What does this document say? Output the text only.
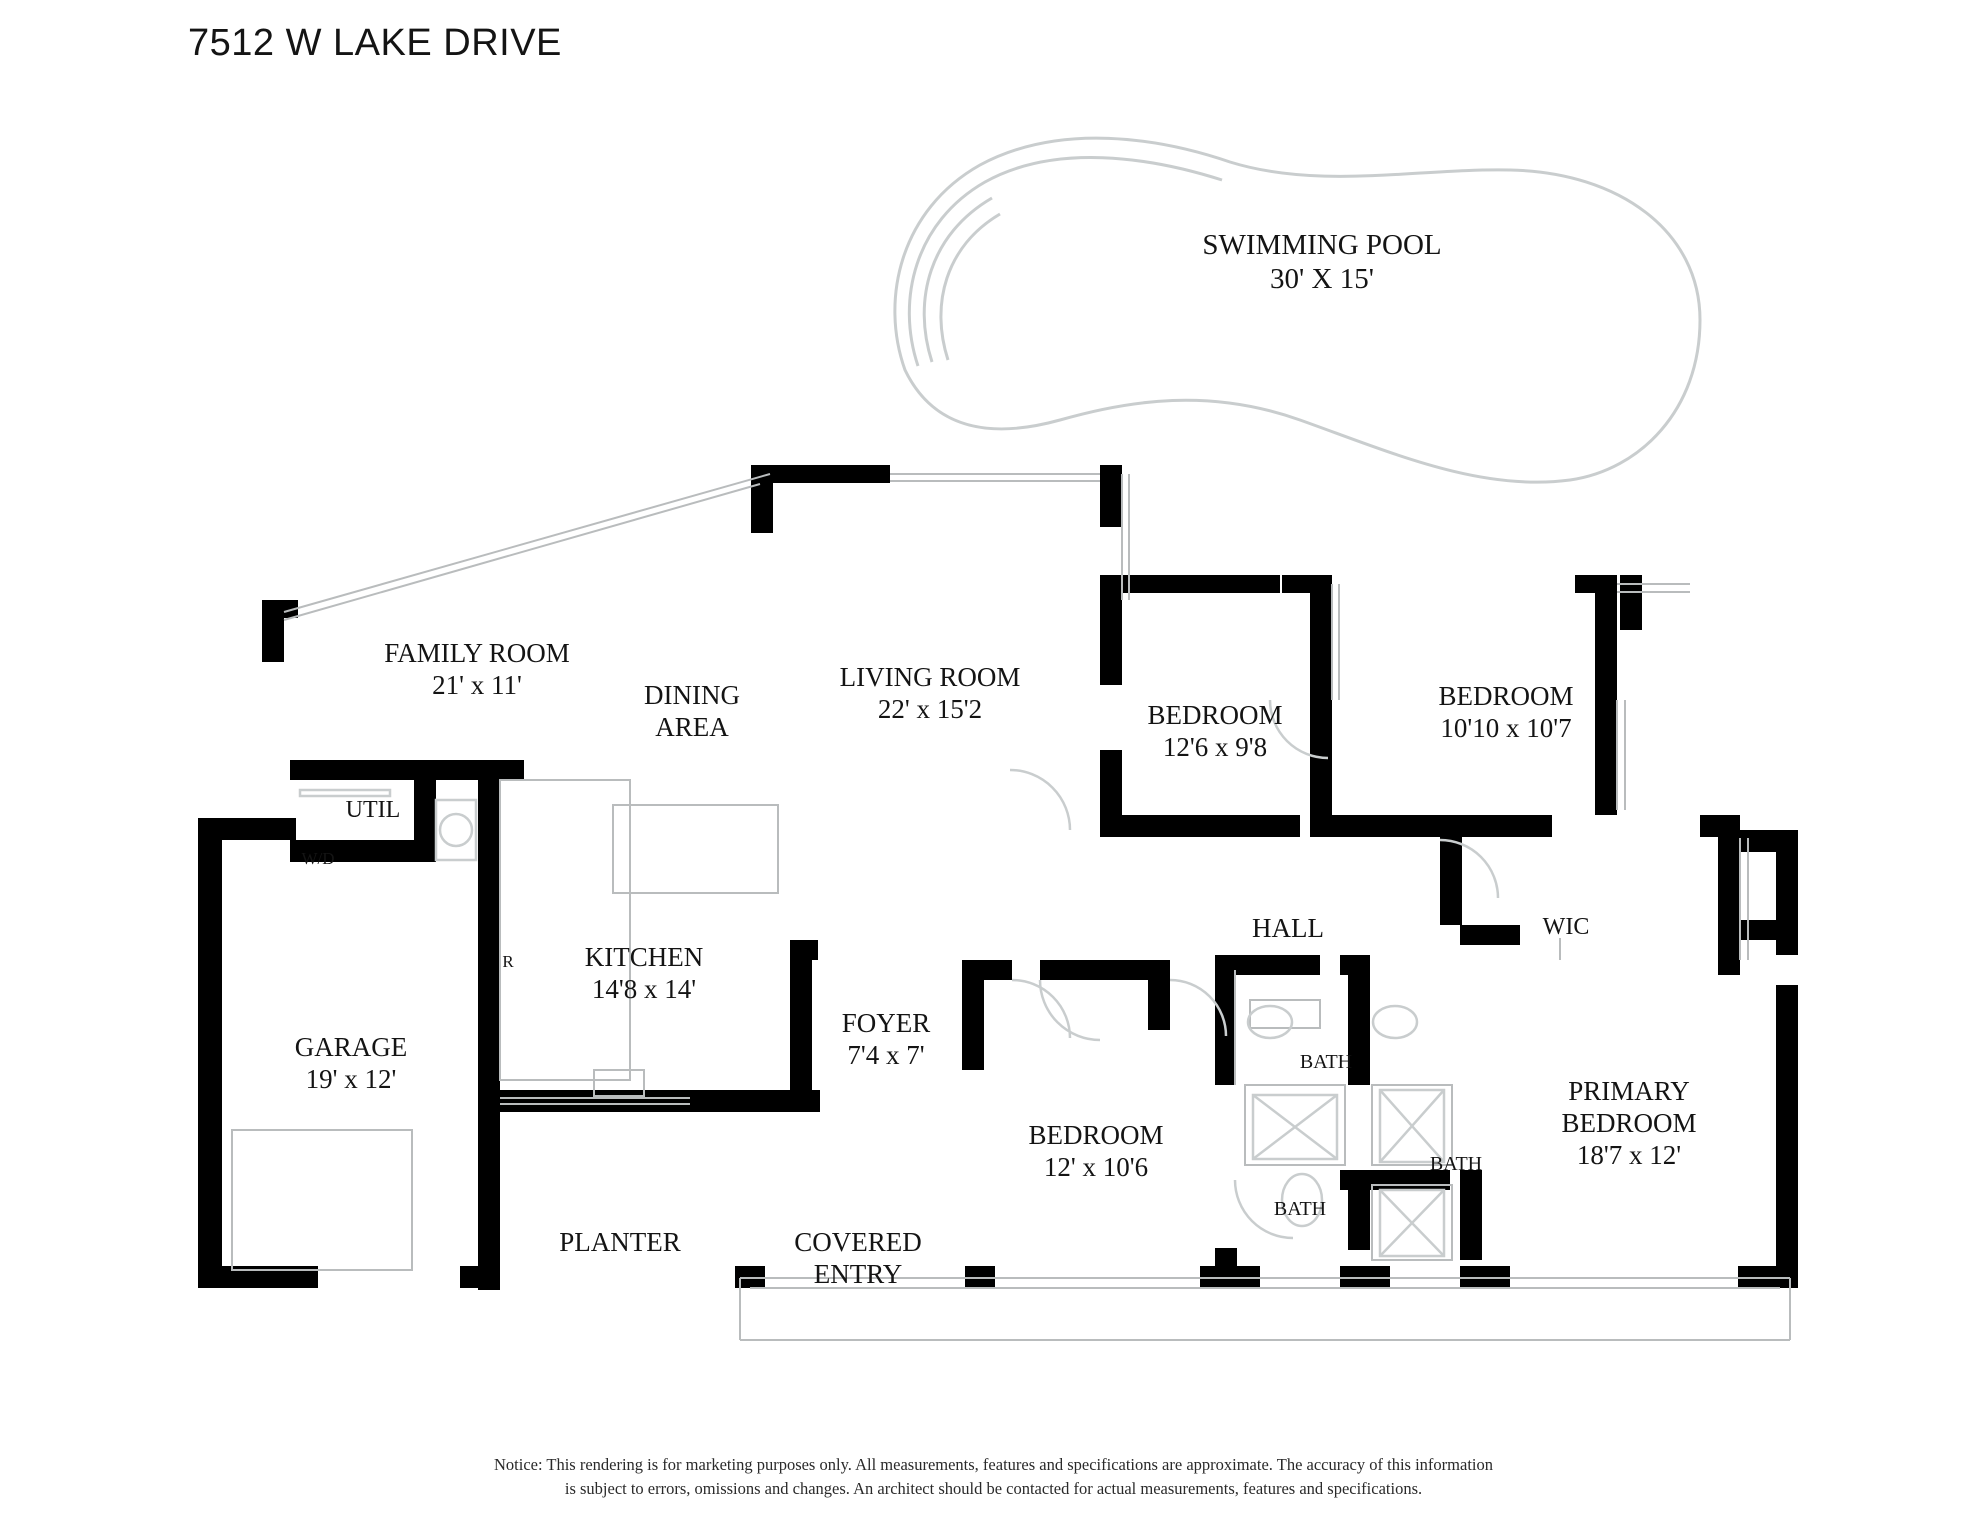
7512 W LAKE DRIVE
SWIMMING POOL
30' X 15'
FAMILY ROOM
21' x 11'	DINING
AREA
LIVING ROOM
22' x 15'2	BEDROOM
12'6 x 9'8
BEDROOM
10'10 x 10'7
UTIL
W/D
HALL	WIC
KITCHEN
14'8 x 14'
R
FOYER
7'4 x 7'	BATH
PRIMARY
BEDROOM
18'7 x 12'
BEDROOM
12' x 10'6	BATH
BATH
GARAGE
19' x 12'
PLANTER	COVERED
ENTRY
Notice: This rendering is for marketing purposes only. All measurements, features and specifications are approximate. The accuracy of this information
is subject to errors, omissions and changes. An architect should be contacted for actual measurements, features and specifications.
